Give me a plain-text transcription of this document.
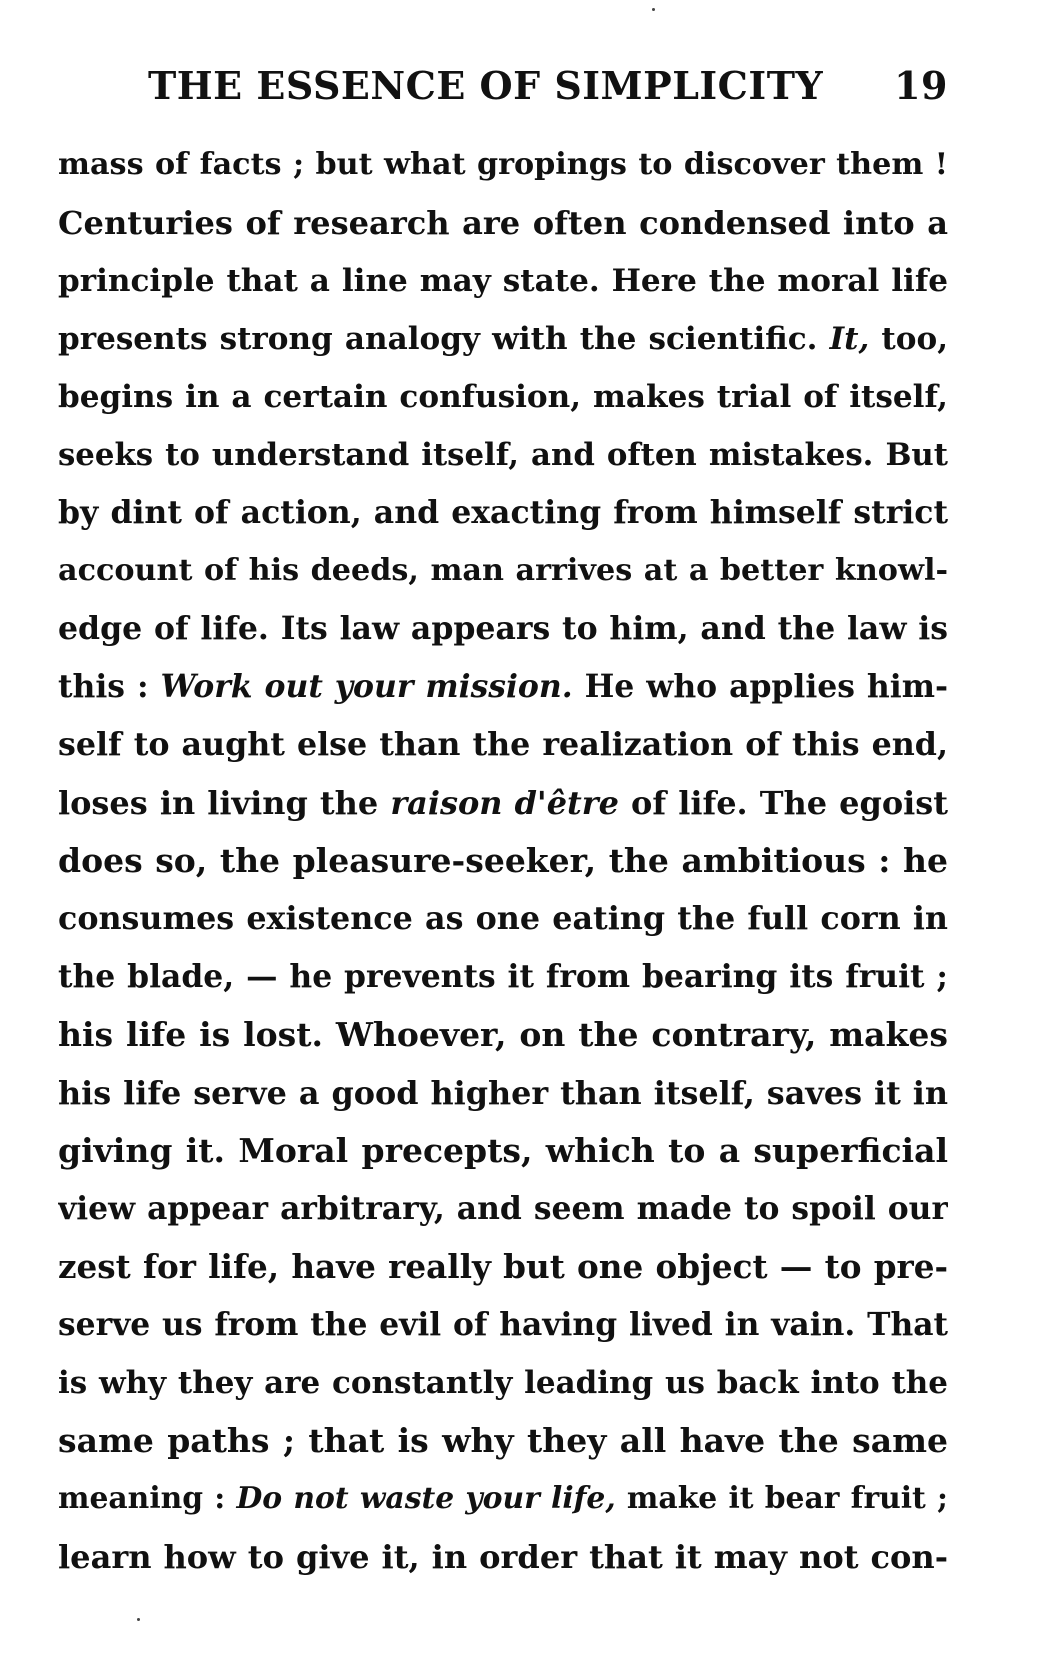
THE ESSENCE OF SIMPLICITY 19
mass of facts ; but what gropings to discover them !
Centuries of research are often condensed into a
principle that a line may state. Here the moral life
presents strong analogy with the scientific. It, too,
begins in a certain confusion, makes trial of itself,
seeks to understand itself, and often mistakes. But
by dint of action, and exacting from himself strict
account of his deeds, man arrives at a better knowl-
edge of life. Its law appears to him, and the law is
this : Work out your mission. He who applies him-
self to aught else than the realization of this end,
loses in living the raison d'être of life. The egoist
does so, the pleasure-seeker, the ambitious : he
consumes existence as one eating the full corn in
the blade, — he prevents it from bearing its fruit ;
his life is lost. Whoever, on the contrary, makes
his life serve a good higher than itself, saves it in
giving it. Moral precepts, which to a superficial
view appear arbitrary, and seem made to spoil our
zest for life, have really but one object — to pre-
serve us from the evil of having lived in vain. That
is why they are constantly leading us back into the
same paths ; that is why they all have the same
meaning : Do not waste your life, make it bear fruit ;
learn how to give it, in order that it may not con-
